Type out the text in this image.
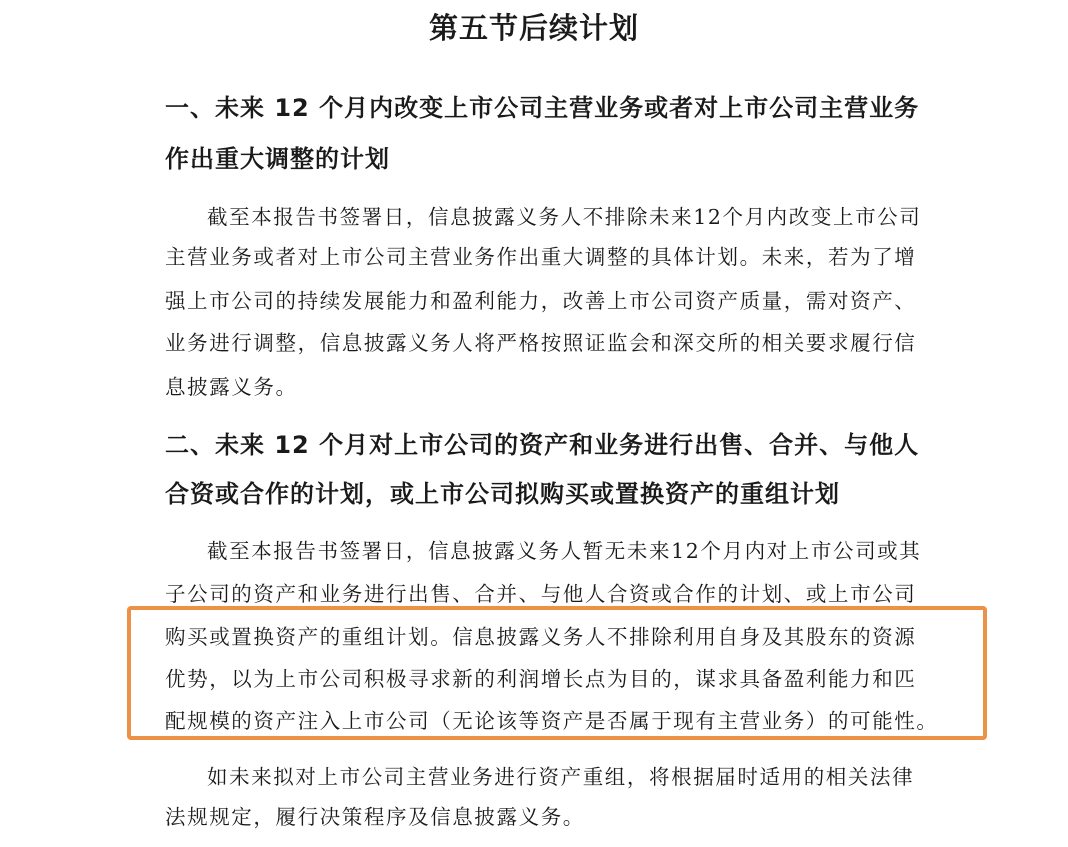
第五节后续计划
一、未来 12 个月内改变上市公司主营业务或者对上市公司主营业务
作出重大调整的计划
截至本报告书签署日，信息披露义务人不排除未来12个月内改变上市公司
主营业务或者对上市公司主营业务作出重大调整的具体计划。未来，若为了增
强上市公司的持续发展能力和盈利能力，改善上市公司资产质量，需对资产、
业务进行调整，信息披露义务人将严格按照证监会和深交所的相关要求履行信
息披露义务。
二、未来 12 个月对上市公司的资产和业务进行出售、合并、与他人
合资或合作的计划，或上市公司拟购买或置换资产的重组计划
截至本报告书签署日，信息披露义务人暂无未来12个月内对上市公司或其
子公司的资产和业务进行出售、合并、与他人合资或合作的计划、或上市公司
购买或置换资产的重组计划。信息披露义务人不排除利用自身及其股东的资源
优势，以为上市公司积极寻求新的利润增长点为目的，谋求具备盈利能力和匹
配规模的资产注入上市公司（无论该等资产是否属于现有主营业务）的可能性。
如未来拟对上市公司主营业务进行资产重组，将根据届时适用的相关法律
法规规定，履行决策程序及信息披露义务。
